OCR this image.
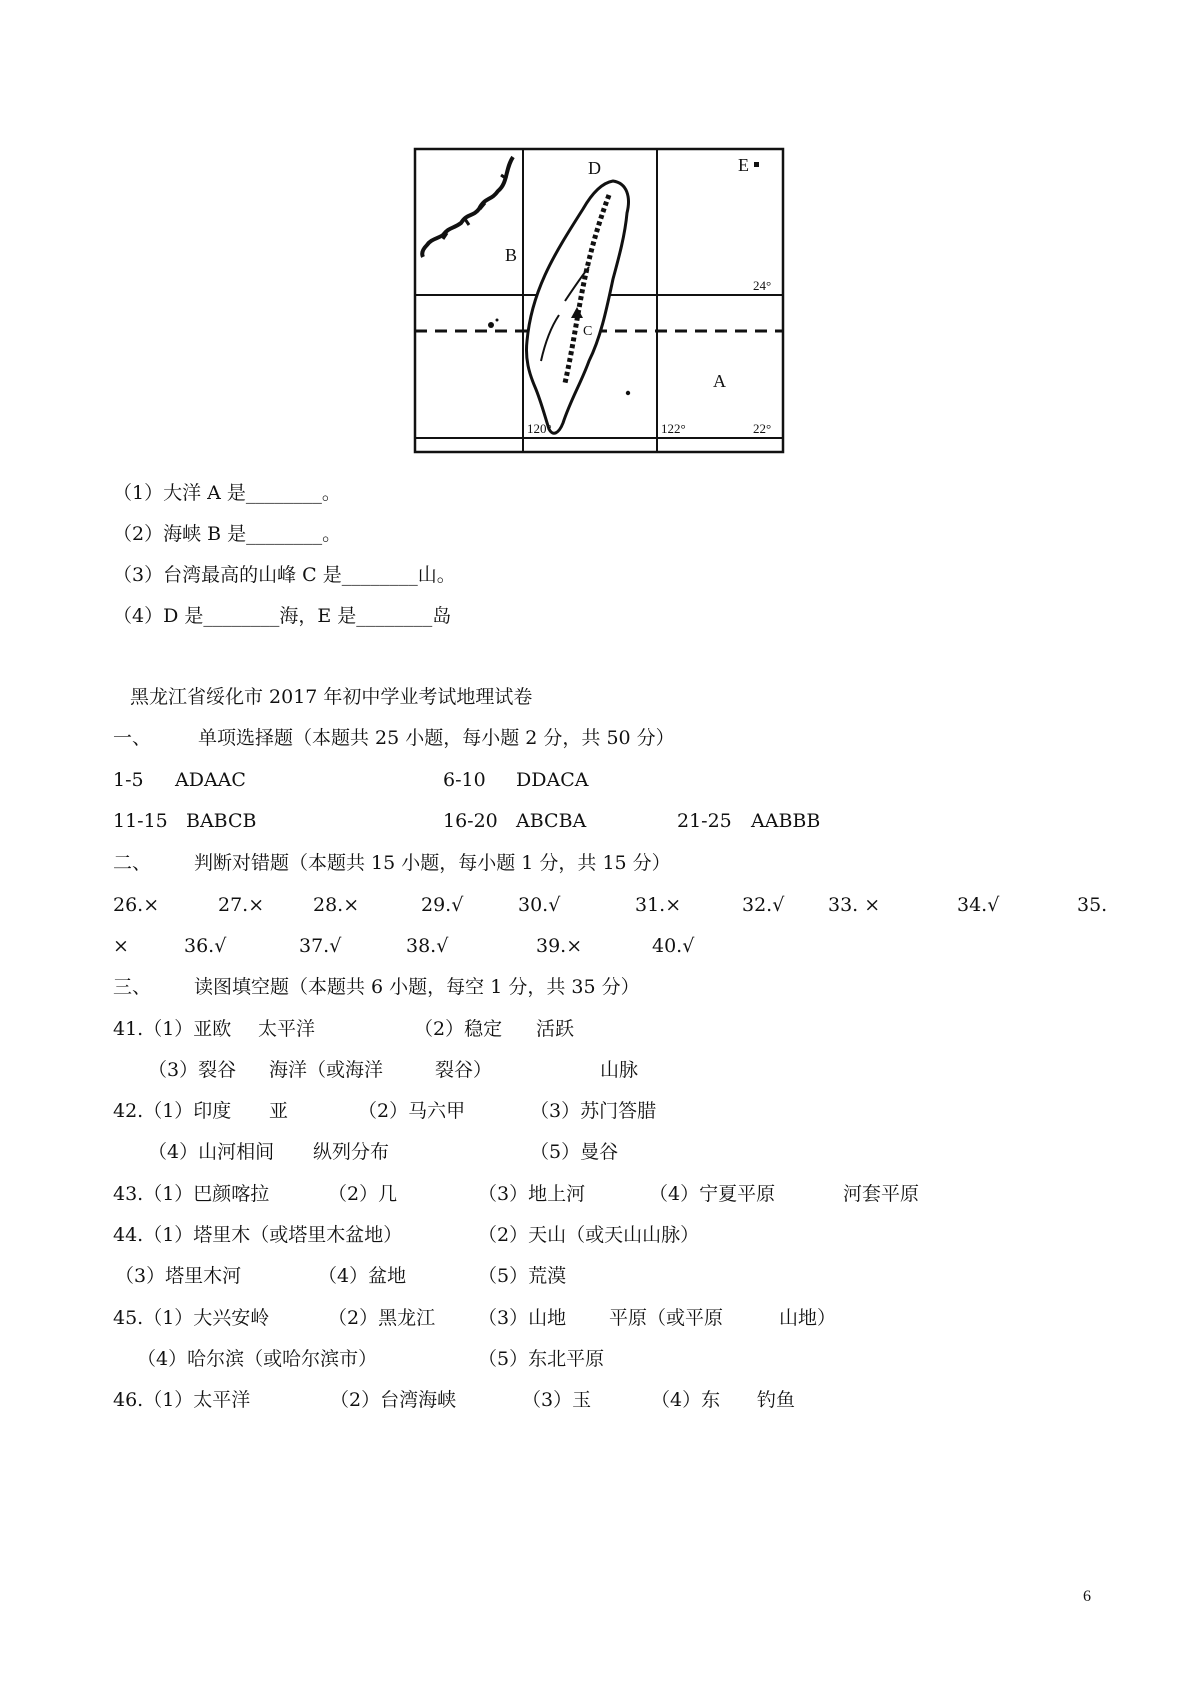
D	E
B
C
A
24°
22°
120°	122°
（1）大洋 A 是________。
（2）海峡 B 是________。
（3）台湾最高的山峰 C 是________山。
（4）D 是________海，E 是________岛
黑龙江省绥化市 2017 年初中学业考试地理试卷
一、 单项选择题（本题共 25 小题，每小题 2 分，共 50 分）
1-5 ADAAC	6-10 DDACA
11-15 BABCB	16-20 ABCBA	21-25 AABBB
二、 判断对错题（本题共 15 小题，每小题 1 分，共 15 分）
26.×	27.×	28.×	29.√	30.√	31.×	32.√ 33. ×	34.√	35.
×	36.√	37.√	38.√	39.×	40.√
三、 读图填空题（本题共 6 小题，每空 1 分，共 35 分）
41.（1）亚欧 太平洋	（2）稳定 活跃
（3）裂谷 海洋（或海洋	裂谷）	山脉
42.（1）印度 亚	（2）马六甲	（3）苏门答腊
（4）山河相间 纵列分布	（5）曼谷
43.（1）巴颜喀拉	（2）几	（3）地上河	（4）宁夏平原	河套平原
44.（1）塔里木（或塔里木盆地）	（2）天山（或天山山脉）
（3）塔里木河	（4）盆地	（5）荒漠
45.（1）大兴安岭	（2）黑龙江 （3）山地 平原（或平原	山地）
（4）哈尔滨（或哈尔滨市）	（5）东北平原
46.（1）太平洋	（2）台湾海峡	（3）玉	（4）东 钓鱼
6
